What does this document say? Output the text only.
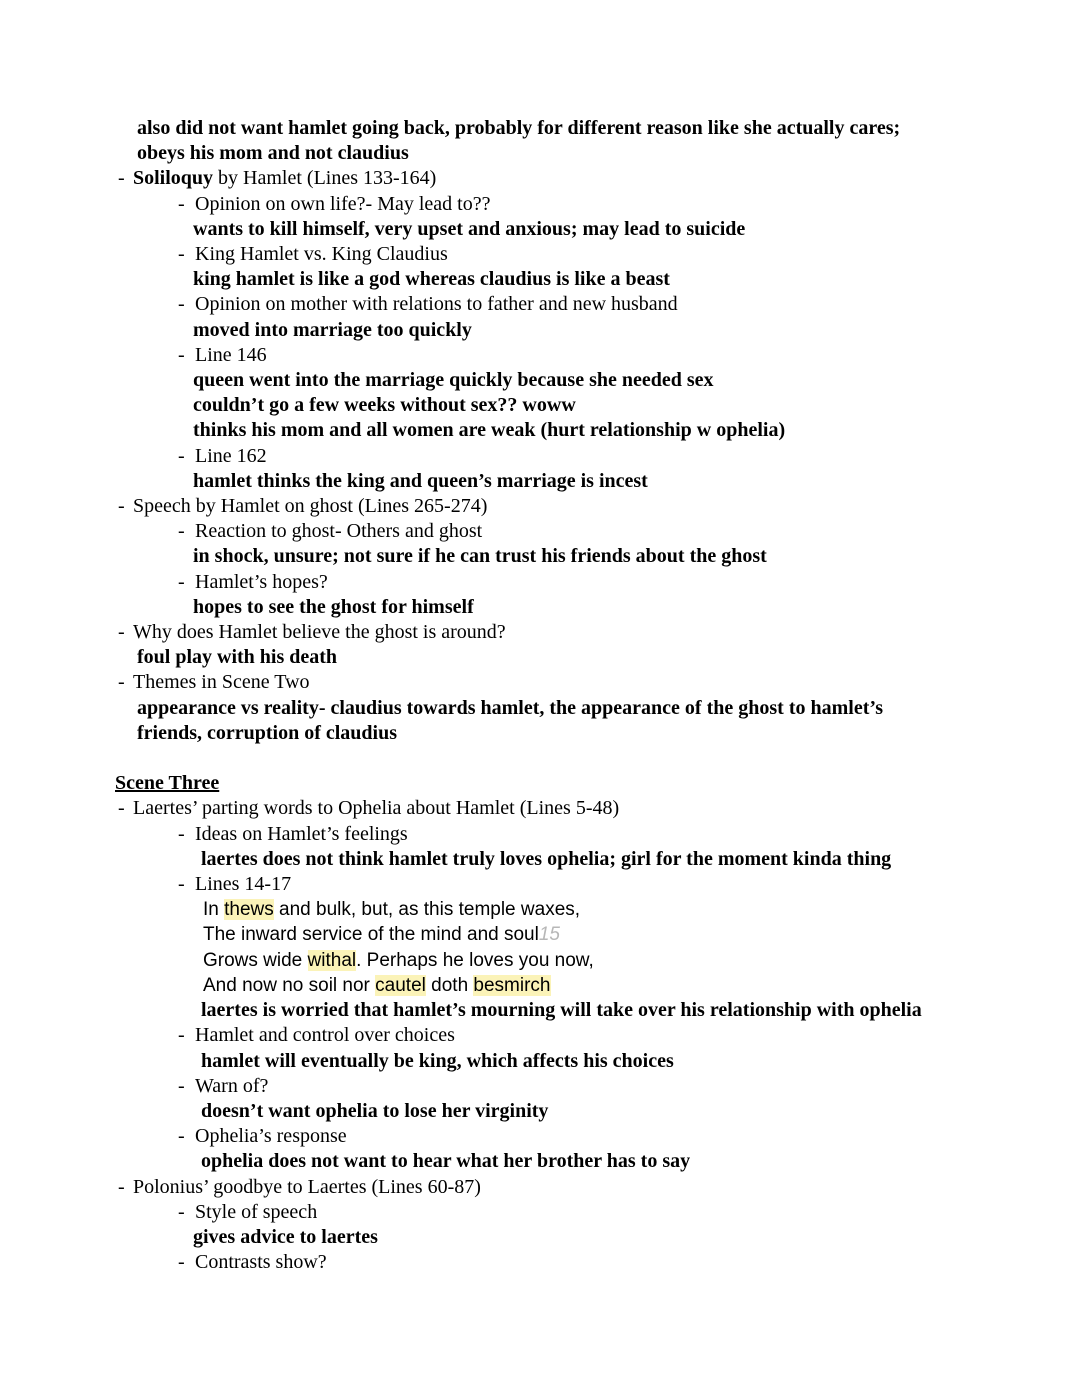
also did not want hamlet going back, probably for different reason like she actually cares;
obeys his mom and not claudius
- Soliloquy by Hamlet (Lines 133-164)
- Opinion on own life?- May lead to??
wants to kill himself, very upset and anxious; may lead to suicide
- King Hamlet vs. King Claudius
king hamlet is like a god whereas claudius is like a beast
- Opinion on mother with relations to father and new husband
moved into marriage too quickly
- Line 146
queen went into the marriage quickly because she needed sex
couldn’t go a few weeks without sex?? woww
thinks his mom and all women are weak (hurt relationship w ophelia)
- Line 162
hamlet thinks the king and queen’s marriage is incest
- Speech by Hamlet on ghost (Lines 265-274)
- Reaction to ghost- Others and ghost
in shock, unsure; not sure if he can trust his friends about the ghost
- Hamlet’s hopes?
hopes to see the ghost for himself
- Why does Hamlet believe the ghost is around?
foul play with his death
- Themes in Scene Two
appearance vs reality- claudius towards hamlet, the appearance of the ghost to hamlet’s
friends, corruption of claudius
Scene Three
- Laertes’ parting words to Ophelia about Hamlet (Lines 5-48)
- Ideas on Hamlet’s feelings
laertes does not think hamlet truly loves ophelia; girl for the moment kinda thing
- Lines 14-17
In thews and bulk, but, as this temple waxes,
The inward service of the mind and soul15
Grows wide withal. Perhaps he loves you now,
And now no soil nor cautel doth besmirch
laertes is worried that hamlet’s mourning will take over his relationship with ophelia
- Hamlet and control over choices
hamlet will eventually be king, which affects his choices
- Warn of?
doesn’t want ophelia to lose her virginity
- Ophelia’s response
ophelia does not want to hear what her brother has to say
- Polonius’ goodbye to Laertes (Lines 60-87)
- Style of speech
gives advice to laertes
- Contrasts show?
